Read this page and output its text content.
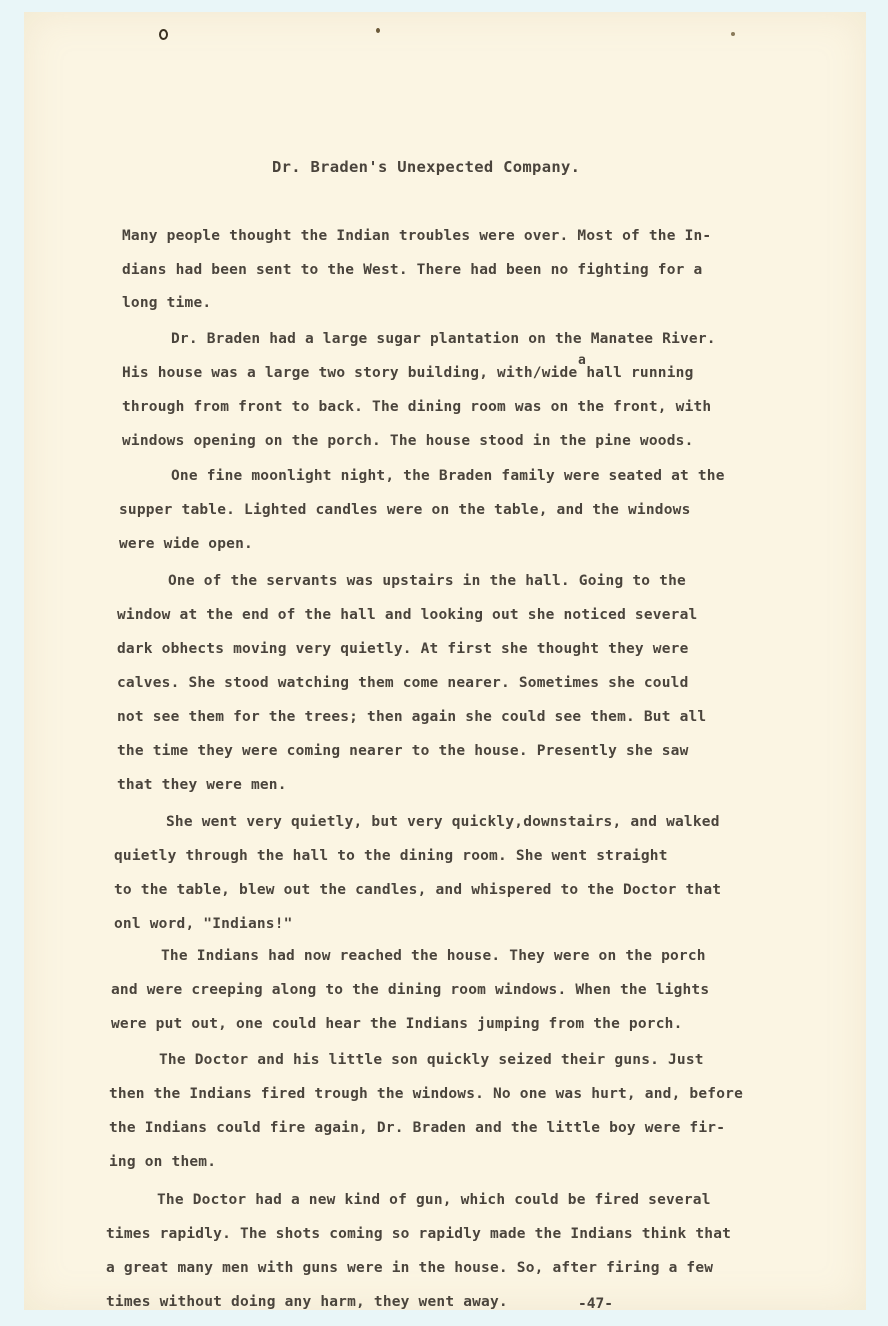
Dr. Braden's Unexpected Company.
a
Many people thought the Indian troubles were over. Most of the In-
dians had been sent to the West. There had been no fighting for a
long time.
Dr. Braden had a large sugar plantation on the Manatee River.
His house was a large two story building, with/wide hall running
through from front to back. The dining room was on the front, with
windows opening on the porch. The house stood in the pine woods.
One fine moonlight night, the Braden family were seated at the
supper table. Lighted candles were on the table, and the windows
were wide open.
One of the servants was upstairs in the hall. Going to the
window at the end of the hall and looking out she noticed several
dark obhects moving very quietly. At first she thought they were
calves. She stood watching them come nearer. Sometimes she could
not see them for the trees; then again she could see them. But all
the time they were coming nearer to the house. Presently she saw
that they were men.
She went very quietly, but very quickly,downstairs, and walked
quietly through the hall to the dining room. She went straight
to the table, blew out the candles, and whispered to the Doctor that
onl word, "Indians!"
The Indians had now reached the house. They were on the porch
and were creeping along to the dining room windows. When the lights
were put out, one could hear the Indians jumping from the porch.
The Doctor and his little son quickly seized their guns. Just
then the Indians fired trough the windows. No one was hurt, and, before
the Indians could fire again, Dr. Braden and the little boy were fir-
ing on them.
The Doctor had a new kind of gun, which could be fired several
times rapidly. The shots coming so rapidly made the Indians think that
a great many men with guns were in the house. So, after firing a few
times without doing any harm, they went away.	-47-
